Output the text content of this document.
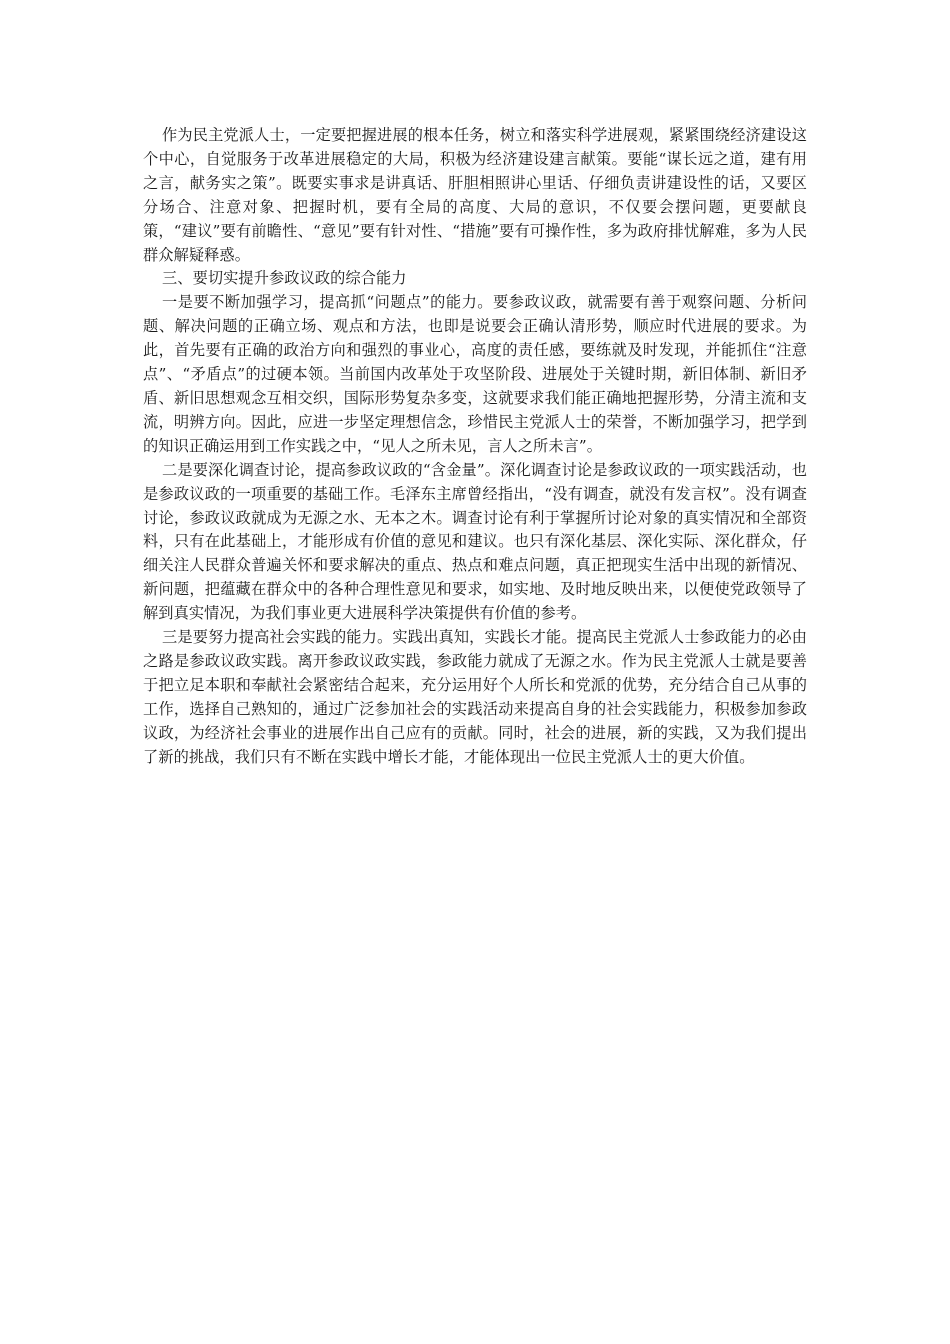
作为民主党派人士，一定要把握进展的根本任务，树立和落实科学进展观，紧紧围绕经济建设这个中心，自觉服务于改革进展稳定的大局，积极为经济建设建言献策。要能“谋长远之道，建有用之言，献务实之策”。既要实事求是讲真话、肝胆相照讲心里话、仔细负责讲建设性的话，又要区分场合、注意对象、把握时机，要有全局的高度、大局的意识，不仅要会摆问题，更要献良策，“建议”要有前瞻性、“意见”要有针对性、“措施”要有可操作性，多为政府排忧解难，多为人民群众解疑释惑。

三、要切实提升参政议政的综合能力

一是要不断加强学习，提高抓“问题点”的能力。要参政议政，就需要有善于观察问题、分析问题、解决问题的正确立场、观点和方法，也即是说要会正确认清形势，顺应时代进展的要求。为此，首先要有正确的政治方向和强烈的事业心，高度的责任感，要练就及时发现，并能抓住“注意点”、“矛盾点”的过硬本领。当前国内改革处于攻坚阶段、进展处于关键时期，新旧体制、新旧矛盾、新旧思想观念互相交织，国际形势复杂多变，这就要求我们能正确地把握形势，分清主流和支流，明辨方向。因此，应进一步坚定理想信念，珍惜民主党派人士的荣誉，不断加强学习，把学到的知识正确运用到工作实践之中，“见人之所未见，言人之所未言”。

二是要深化调查讨论，提高参政议政的“含金量”。深化调查讨论是参政议政的一项实践活动，也是参政议政的一项重要的基础工作。毛泽东主席曾经指出，“没有调查，就没有发言权”。没有调查讨论，参政议政就成为无源之水、无本之木。调查讨论有利于掌握所讨论对象的真实情况和全部资料，只有在此基础上，才能形成有价值的意见和建议。也只有深化基层、深化实际、深化群众，仔细关注人民群众普遍关怀和要求解决的重点、热点和难点问题，真正把现实生活中出现的新情况、新问题，把蕴藏在群众中的各种合理性意见和要求，如实地、及时地反映出来，以便使党政领导了解到真实情况，为我们事业更大进展科学决策提供有价值的参考。

三是要努力提高社会实践的能力。实践出真知，实践长才能。提高民主党派人士参政能力的必由之路是参政议政实践。离开参政议政实践，参政能力就成了无源之水。作为民主党派人士就是要善于把立足本职和奉献社会紧密结合起来，充分运用好个人所长和党派的优势，充分结合自己从事的工作，选择自己熟知的，通过广泛参加社会的实践活动来提高自身的社会实践能力，积极参加参政议政，为经济社会事业的进展作出自己应有的贡献。同时，社会的进展，新的实践，又为我们提出了新的挑战，我们只有不断在实践中增长才能，才能体现出一位民主党派人士的更大价值。
